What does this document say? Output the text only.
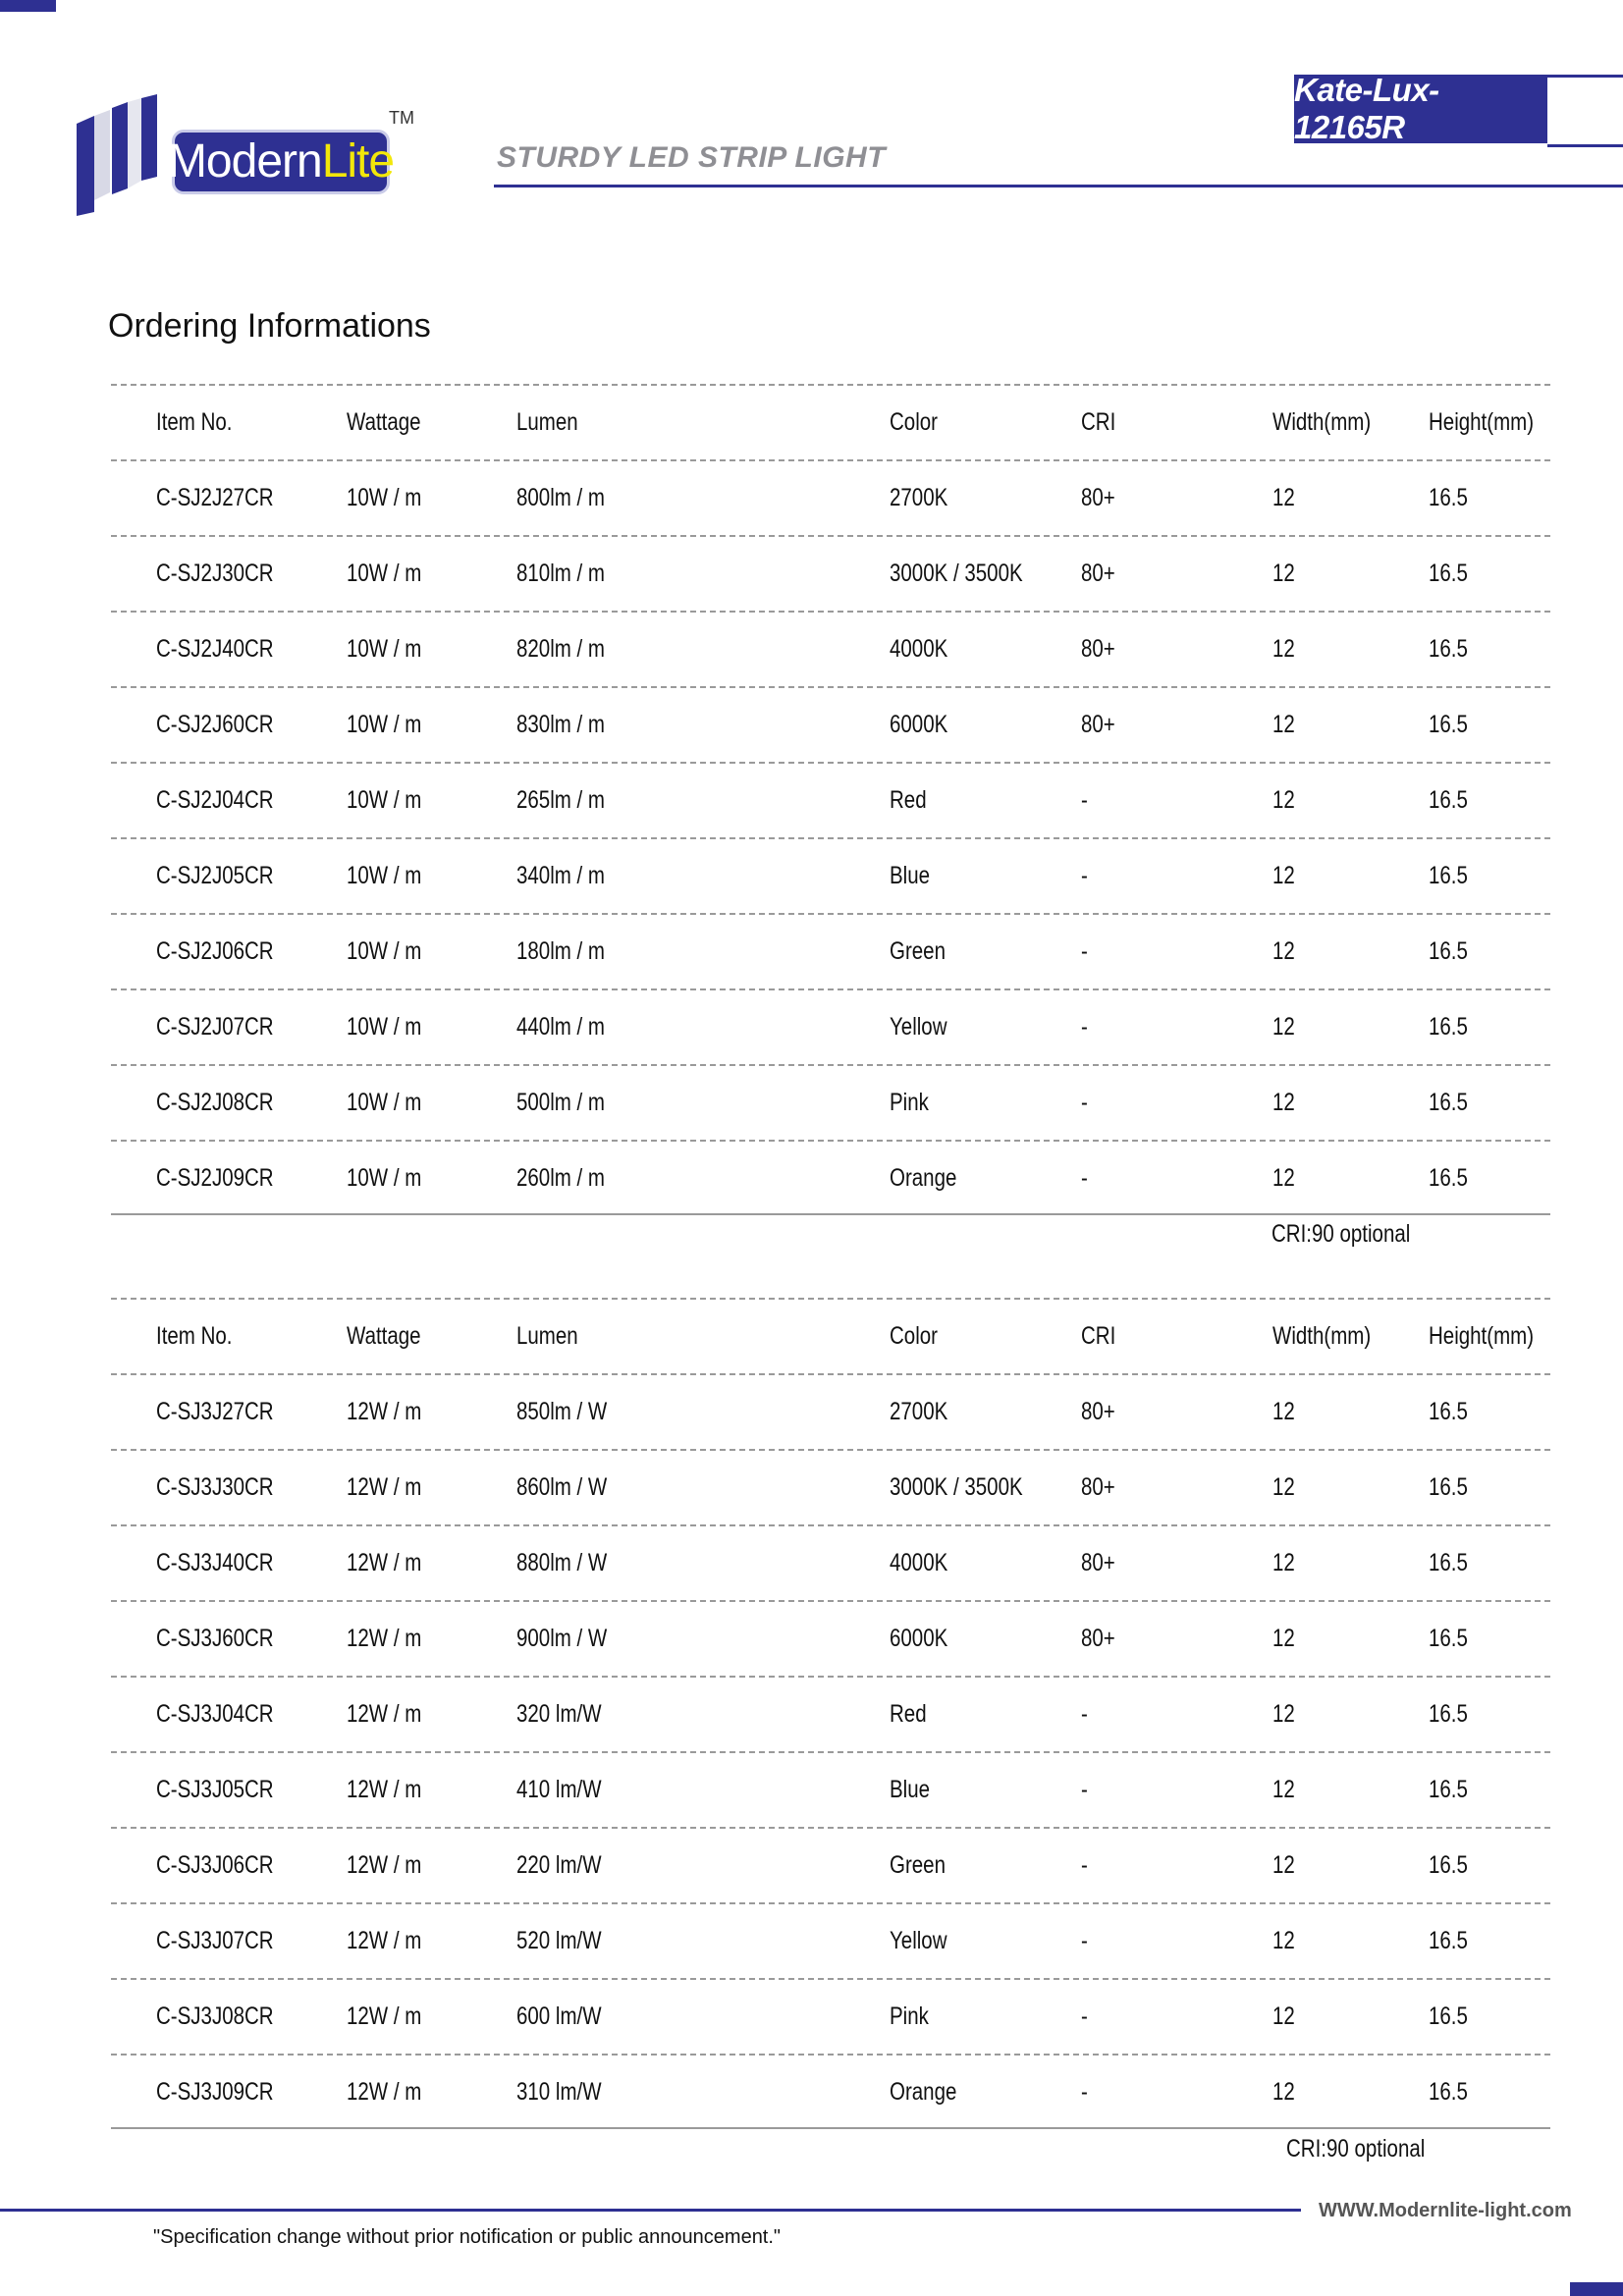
ModernLite
TM
STURDY LED STRIP LIGHT
Kate-Lux-12165R
Ordering Informations
Item No.	Wattage	Lumen	Color	CRI	Width(mm) Height(mm)
C-SJ2J27CR	10W / m	800lm / m	2700K	80+	12	16.5
C-SJ2J30CR	10W / m	810lm / m	3000K / 3500K 80+	12	16.5
C-SJ2J40CR	10W / m	820lm / m	4000K	80+	12	16.5
C-SJ2J60CR	10W / m	830lm / m	6000K	80+	12	16.5
C-SJ2J04CR	10W / m	265lm / m	Red	-	12	16.5
C-SJ2J05CR	10W / m	340lm / m	Blue	-	12	16.5
C-SJ2J06CR	10W / m	180lm / m	Green	-	12	16.5
C-SJ2J07CR	10W / m	440lm / m	Yellow	-	12	16.5
C-SJ2J08CR	10W / m	500lm / m	Pink	-	12	16.5
C-SJ2J09CR	10W / m	260lm / m	Orange	-	12	16.5
CRI:90 optional
Item No.	Wattage	Lumen	Color	CRI	Width(mm) Height(mm)
C-SJ3J27CR	12W / m	850lm / W	2700K	80+	12	16.5
C-SJ3J30CR	12W / m	860lm / W	3000K / 3500K 80+	12	16.5
C-SJ3J40CR	12W / m	880lm / W	4000K	80+	12	16.5
C-SJ3J60CR	12W / m	900lm / W	6000K	80+	12	16.5
C-SJ3J04CR	12W / m	320 lm/W	Red	-	12	16.5
C-SJ3J05CR	12W / m	410 lm/W	Blue	-	12	16.5
C-SJ3J06CR	12W / m	220 lm/W	Green	-	12	16.5
C-SJ3J07CR	12W / m	520 lm/W	Yellow	-	12	16.5
C-SJ3J08CR	12W / m	600 lm/W	Pink	-	12	16.5
C-SJ3J09CR	12W / m	310 lm/W	Orange	-	12	16.5
CRI:90 optional
WWW.Modernlite-light.com
"Specification change without prior notification or public announcement."
